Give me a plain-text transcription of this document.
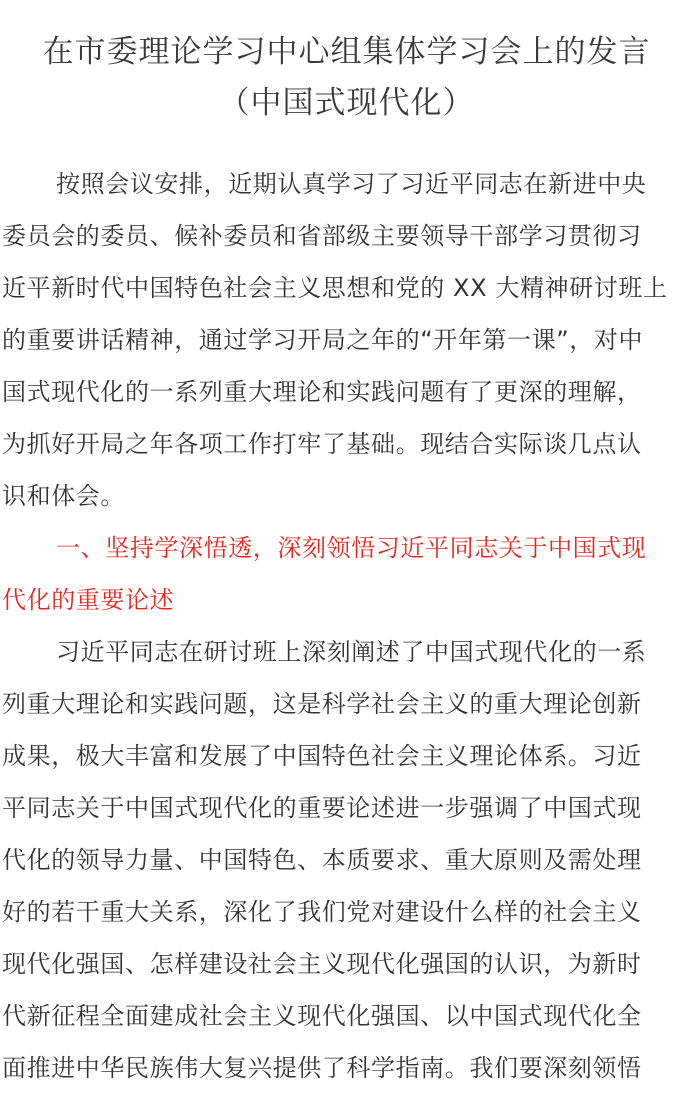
在市委理论学习中心组集体学习会上的发言
（中国式现代化）
按照会议安排，近期认真学习了习近平同志在新进中央
委员会的委员、候补委员和省部级主要领导干部学习贯彻习
近平新时代中国特色社会主义思想和党的 XX 大精神研讨班上
的重要讲话精神，通过学习开局之年的“开年第一课”，对中
国式现代化的一系列重大理论和实践问题有了更深的理解，
为抓好开局之年各项工作打牢了基础。现结合实际谈几点认
识和体会。
一、坚持学深悟透，深刻领悟习近平同志关于中国式现
代化的重要论述
习近平同志在研讨班上深刻阐述了中国式现代化的一系
列重大理论和实践问题，这是科学社会主义的重大理论创新
成果，极大丰富和发展了中国特色社会主义理论体系。习近
平同志关于中国式现代化的重要论述进一步强调了中国式现
代化的领导力量、中国特色、本质要求、重大原则及需处理
好的若干重大关系，深化了我们党对建设什么样的社会主义
现代化强国、怎样建设社会主义现代化强国的认识，为新时
代新征程全面建成社会主义现代化强国、以中国式现代化全
面推进中华民族伟大复兴提供了科学指南。我们要深刻领悟
